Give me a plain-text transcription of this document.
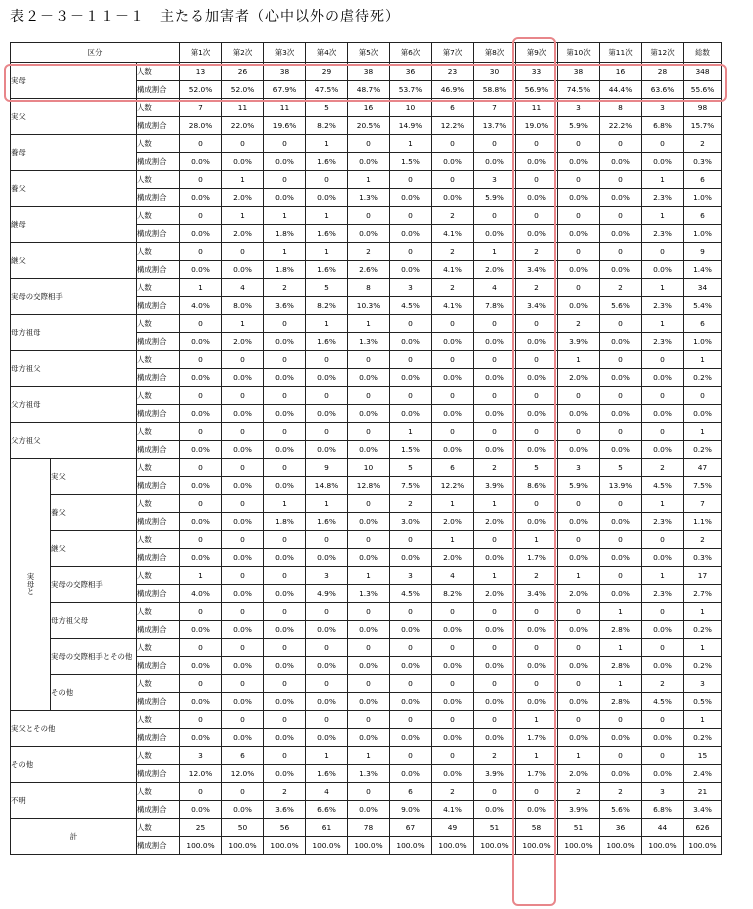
表２－３－１１－１　主たる加害者（心中以外の虐待死）
区分			第1次	第2次	第3次	第4次	第5次	第6次	第7次	第8次	第9次	第10次	第11次	第12次	総数
実母		人数	13	26	38	29	38	36	23	30	33	38	16	28	348
		構成割合	52.0%	52.0%	67.9%	47.5%	48.7%	53.7%	46.9%	58.8%	56.9%	74.5%	44.4%	63.6%	55.6%
実父		人数	7	11	11	5	16	10	6	7	11	3	8	3	98
		構成割合	28.0%	22.0%	19.6%	8.2%	20.5%	14.9%	12.2%	13.7%	19.0%	5.9%	22.2%	6.8%	15.7%
養母		人数	0	0	0	1	0	1	0	0	0	0	0	0	2
		構成割合	0.0%	0.0%	0.0%	1.6%	0.0%	1.5%	0.0%	0.0%	0.0%	0.0%	0.0%	0.0%	0.3%
養父		人数	0	1	0	0	1	0	0	3	0	0	0	1	6
		構成割合	0.0%	2.0%	0.0%	0.0%	1.3%	0.0%	0.0%	5.9%	0.0%	0.0%	0.0%	2.3%	1.0%
継母		人数	0	1	1	1	0	0	2	0	0	0	0	1	6
		構成割合	0.0%	2.0%	1.8%	1.6%	0.0%	0.0%	4.1%	0.0%	0.0%	0.0%	0.0%	2.3%	1.0%
継父		人数	0	0	1	1	2	0	2	1	2	0	0	0	9
		構成割合	0.0%	0.0%	1.8%	1.6%	2.6%	0.0%	4.1%	2.0%	3.4%	0.0%	0.0%	0.0%	1.4%
実母の交際相手		人数	1	4	2	5	8	3	2	4	2	0	2	1	34
		構成割合	4.0%	8.0%	3.6%	8.2%	10.3%	4.5%	4.1%	7.8%	3.4%	0.0%	5.6%	2.3%	5.4%
母方祖母		人数	0	1	0	1	1	0	0	0	0	2	0	1	6
		構成割合	0.0%	2.0%	0.0%	1.6%	1.3%	0.0%	0.0%	0.0%	0.0%	3.9%	0.0%	2.3%	1.0%
母方祖父		人数	0	0	0	0	0	0	0	0	0	1	0	0	1
		構成割合	0.0%	0.0%	0.0%	0.0%	0.0%	0.0%	0.0%	0.0%	0.0%	2.0%	0.0%	0.0%	0.2%
父方祖母		人数	0	0	0	0	0	0	0	0	0	0	0	0	0
		構成割合	0.0%	0.0%	0.0%	0.0%	0.0%	0.0%	0.0%	0.0%	0.0%	0.0%	0.0%	0.0%	0.0%
父方祖父		人数	0	0	0	0	0	1	0	0	0	0	0	0	1
		構成割合	0.0%	0.0%	0.0%	0.0%	0.0%	1.5%	0.0%	0.0%	0.0%	0.0%	0.0%	0.0%	0.2%
実
母
と	実父	人数	0	0	0	9	10	5	6	2	5	3	5	2	47
		構成割合	0.0%	0.0%	0.0%	14.8%	12.8%	7.5%	12.2%	3.9%	8.6%	5.9%	13.9%	4.5%	7.5%
	養父	人数	0	0	1	1	0	2	1	1	0	0	0	1	7
		構成割合	0.0%	0.0%	1.8%	1.6%	0.0%	3.0%	2.0%	2.0%	0.0%	0.0%	0.0%	2.3%	1.1%
	継父	人数	0	0	0	0	0	0	1	0	1	0	0	0	2
		構成割合	0.0%	0.0%	0.0%	0.0%	0.0%	0.0%	2.0%	0.0%	1.7%	0.0%	0.0%	0.0%	0.3%
	実母の交際相手	人数	1	0	0	3	1	3	4	1	2	1	0	1	17
		構成割合	4.0%	0.0%	0.0%	4.9%	1.3%	4.5%	8.2%	2.0%	3.4%	2.0%	0.0%	2.3%	2.7%
	母方祖父母	人数	0	0	0	0	0	0	0	0	0	0	1	0	1
		構成割合	0.0%	0.0%	0.0%	0.0%	0.0%	0.0%	0.0%	0.0%	0.0%	0.0%	2.8%	0.0%	0.2%
	実母の交際相手とその他	人数	0	0	0	0	0	0	0	0	0	0	1	0	1
		構成割合	0.0%	0.0%	0.0%	0.0%	0.0%	0.0%	0.0%	0.0%	0.0%	0.0%	2.8%	0.0%	0.2%
	その他	人数	0	0	0	0	0	0	0	0	0	0	1	2	3
		構成割合	0.0%	0.0%	0.0%	0.0%	0.0%	0.0%	0.0%	0.0%	0.0%	0.0%	2.8%	4.5%	0.5%
実父とその他		人数	0	0	0	0	0	0	0	0	1	0	0	0	1
		構成割合	0.0%	0.0%	0.0%	0.0%	0.0%	0.0%	0.0%	0.0%	1.7%	0.0%	0.0%	0.0%	0.2%
その他		人数	3	6	0	1	1	0	0	2	1	1	0	0	15
		構成割合	12.0%	12.0%	0.0%	1.6%	1.3%	0.0%	0.0%	3.9%	1.7%	2.0%	0.0%	0.0%	2.4%
不明		人数	0	0	2	4	0	6	2	0	0	2	2	3	21
		構成割合	0.0%	0.0%	3.6%	6.6%	0.0%	9.0%	4.1%	0.0%	0.0%	3.9%	5.6%	6.8%	3.4%
計		人数	25	50	56	61	78	67	49	51	58	51	36	44	626
		構成割合	100.0%	100.0%	100.0%	100.0%	100.0%	100.0%	100.0%	100.0%	100.0%	100.0%	100.0%	100.0%	100.0%
